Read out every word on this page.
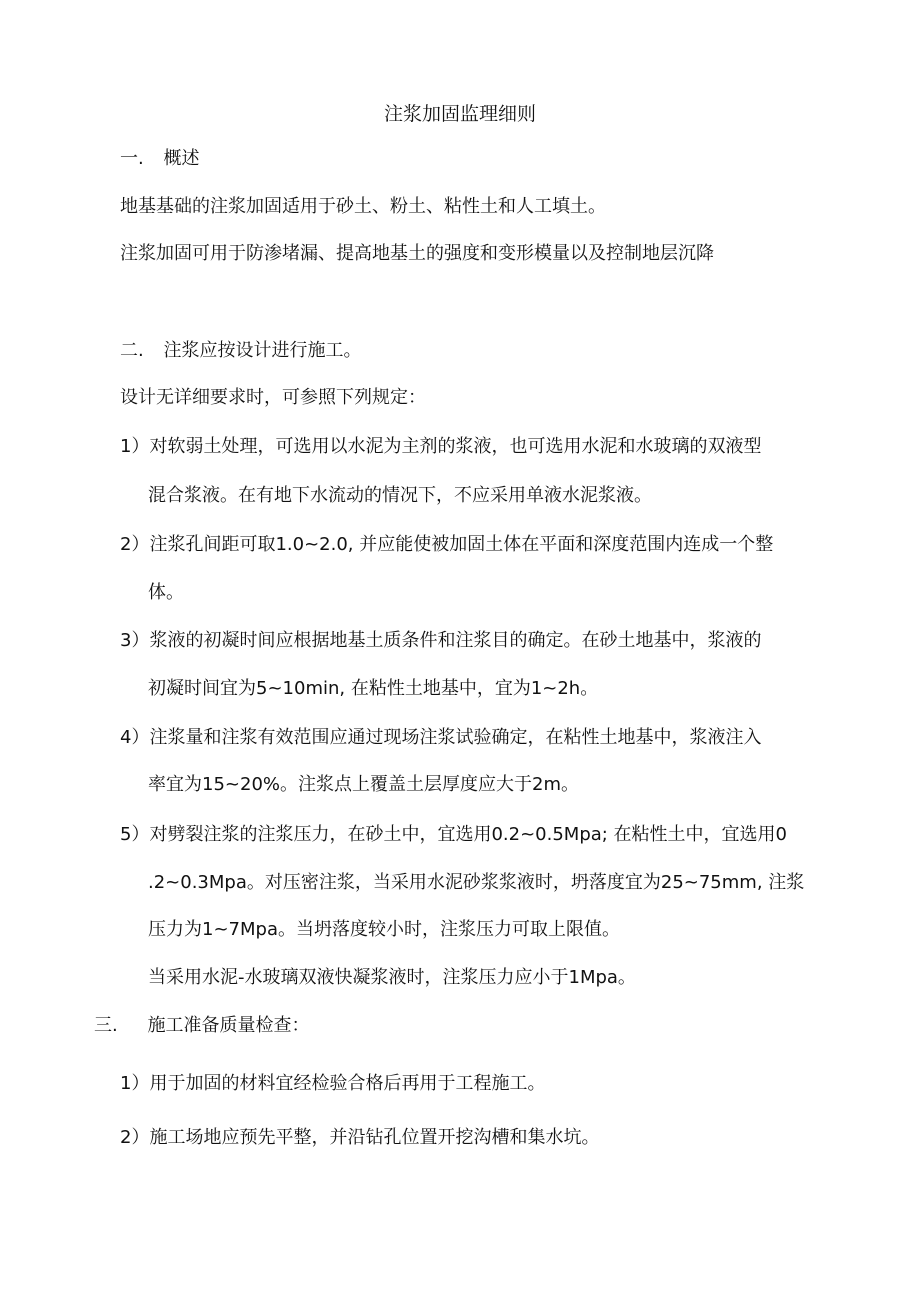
注浆加固监理细则

一. 概述

地基基础的注浆加固适用于砂土、粉土、粘性土和人工填土。

注浆加固可用于防渗堵漏、提高地基土的强度和变形模量以及控制地层沉降

二. 注浆应按设计进行施工。

设计无详细要求时，可参照下列规定：

1）对软弱土处理，可选用以水泥为主剂的浆液，也可选用水泥和水玻璃的双液型

混合浆液。在有地下水流动的情况下，不应采用单液水泥浆液。

2）注浆孔间距可取1.0~2.0, 并应能使被加固土体在平面和深度范围内连成一个整

体。

3）浆液的初凝时间应根据地基土质条件和注浆目的确定。在砂土地基中，浆液的

初凝时间宜为5~10min, 在粘性土地基中，宜为1~2h。

4）注浆量和注浆有效范围应通过现场注浆试验确定，在粘性土地基中，浆液注入

率宜为15~20%。注浆点上覆盖土层厚度应大于2m。

5）对劈裂注浆的注浆压力，在砂土中，宜选用0.2~0.5Mpa; 在粘性土中，宜选用0

.2~0.3Mpa。对压密注浆，当采用水泥砂浆浆液时，坍落度宜为25~75mm, 注浆

压力为1~7Mpa。当坍落度较小时，注浆压力可取上限值。

当采用水泥-水玻璃双液快凝浆液时，注浆压力应小于1Mpa。

三. 施工准备质量检查：

1）用于加固的材料宜经检验合格后再用于工程施工。

2）施工场地应预先平整，并沿钻孔位置开挖沟槽和集水坑。
